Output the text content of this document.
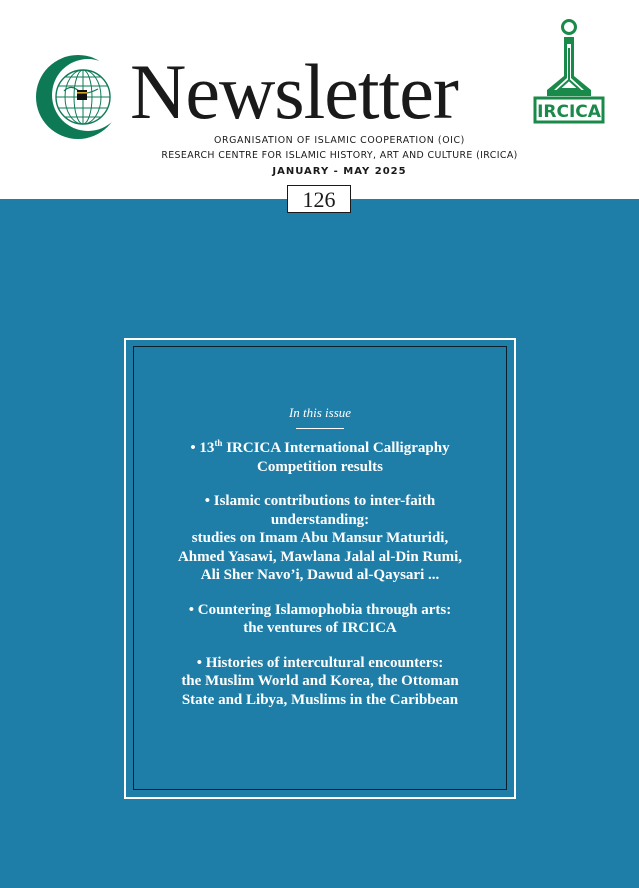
Newsletter	IRCICA
ORGANISATION OF ISLAMIC COOPERATION (OIC)
RESEARCH CENTRE FOR ISLAMIC HISTORY, ART AND CULTURE (IRCICA)
JANUARY - MAY 2025
126
In this issue

• 13th IRCICA International Calligraphy

Competition results

• Islamic contributions to inter-faith

understanding:

studies on Imam Abu Mansur Maturidi,

Ahmed Yasawi, Mawlana Jalal al-Din Rumi,

Ali Sher Navo’i, Dawud al-Qaysari ...

• Countering Islamophobia through arts:

the ventures of IRCICA

• Histories of intercultural encounters:

the Muslim World and Korea, the Ottoman

State and Libya, Muslims in the Caribbean
